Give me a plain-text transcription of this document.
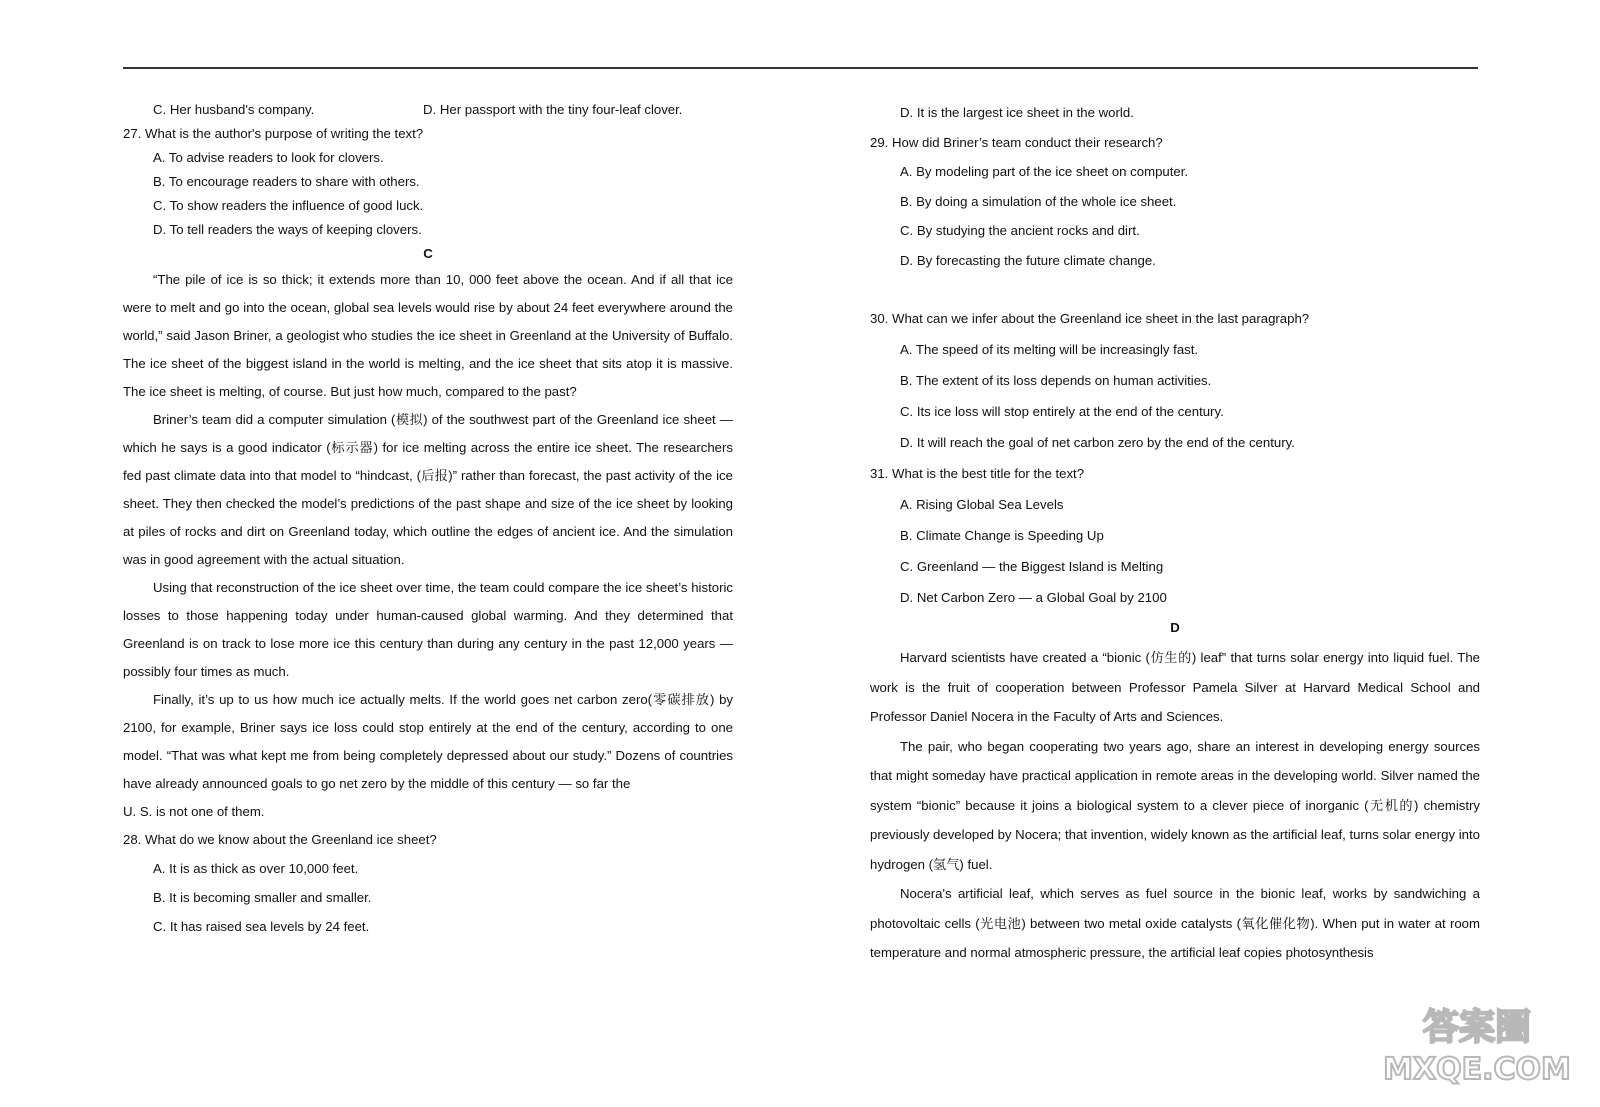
C. Her husband's company.	D. Her passport with the tiny four-leaf clover.
27. What is the author's purpose of writing the text?
A. To advise readers to look for clovers.
B. To encourage readers to share with others.
C. To show readers the influence of good luck.
D. To tell readers the ways of keeping clovers.
C
“The pile of ice is so thick; it extends more than 10, 000 feet above the ocean. And if all that ice were to melt and go into the ocean, global sea levels would rise by about 24 feet everywhere around the world,” said Jason Briner, a geologist who studies the ice sheet in Greenland at the University of Buffalo. The ice sheet of the biggest island in the world is melting, and the ice sheet that sits atop it is massive. The ice sheet is melting, of course. But just how much, compared to the past?
Briner’s team did a computer simulation (模拟) of the southwest part of the Greenland ice sheet — which he says is a good indicator (标示器) for ice melting across the entire ice sheet. The researchers fed past climate data into that model to “hindcast, (后报)” rather than forecast, the past activity of the ice sheet. They then checked the model’s predictions of the past shape and size of the ice sheet by looking at piles of rocks and dirt on Greenland today, which outline the edges of ancient ice. And the simulation was in good agreement with the actual situation.
Using that reconstruction of the ice sheet over time, the team could compare the ice sheet’s historic losses to those happening today under human-caused global warming. And they determined that Greenland is on track to lose more ice this century than during any century in the past 12,000 years — possibly four times as much.
Finally, it’s up to us how much ice actually melts. If the world goes net carbon zero(零碳排放) by 2100, for example, Briner says ice loss could stop entirely at the end of the century, according to one model. “That was what kept me from being completely depressed about our study.” Dozens of countries have already announced goals to go net zero by the middle of this century — so far the
U. S. is not one of them.
28. What do we know about the Greenland ice sheet?
A. It is as thick as over 10,000 feet.
B. It is becoming smaller and smaller.
C. It has raised sea levels by 24 feet.
D. It is the largest ice sheet in the world.
29. How did Briner’s team conduct their research?
A. By modeling part of the ice sheet on computer.
B. By doing a simulation of the whole ice sheet.
C. By studying the ancient rocks and dirt.
D. By forecasting the future climate change.
30. What can we infer about the Greenland ice sheet in the last paragraph?
A. The speed of its melting will be increasingly fast.
B. The extent of its loss depends on human activities.
C. Its ice loss will stop entirely at the end of the century.
D. It will reach the goal of net carbon zero by the end of the century.
31. What is the best title for the text?
A. Rising Global Sea Levels
B. Climate Change is Speeding Up
C. Greenland — the Biggest Island is Melting
D. Net Carbon Zero — a Global Goal by 2100
D
Harvard scientists have created a “bionic (仿生的) leaf” that turns solar energy into liquid fuel. The work is the fruit of cooperation between Professor Pamela Silver at Harvard Medical School and Professor Daniel Nocera in the Faculty of Arts and Sciences.
The pair, who began cooperating two years ago, share an interest in developing energy sources that might someday have practical application in remote areas in the developing world. Silver named the system “bionic” because it joins a biological system to a clever piece of inorganic (无机的) chemistry previously developed by Nocera; that invention, widely known as the artificial leaf, turns solar energy into hydrogen (氢气) fuel.
Nocera's artificial leaf, which serves as fuel source in the bionic leaf, works by sandwiching a photovoltaic cells (光电池) between two metal oxide catalysts (氧化催化物). When put in water at room temperature and normal atmospheric pressure, the artificial leaf copies photosynthesis
答案圈
MXQE.COM
